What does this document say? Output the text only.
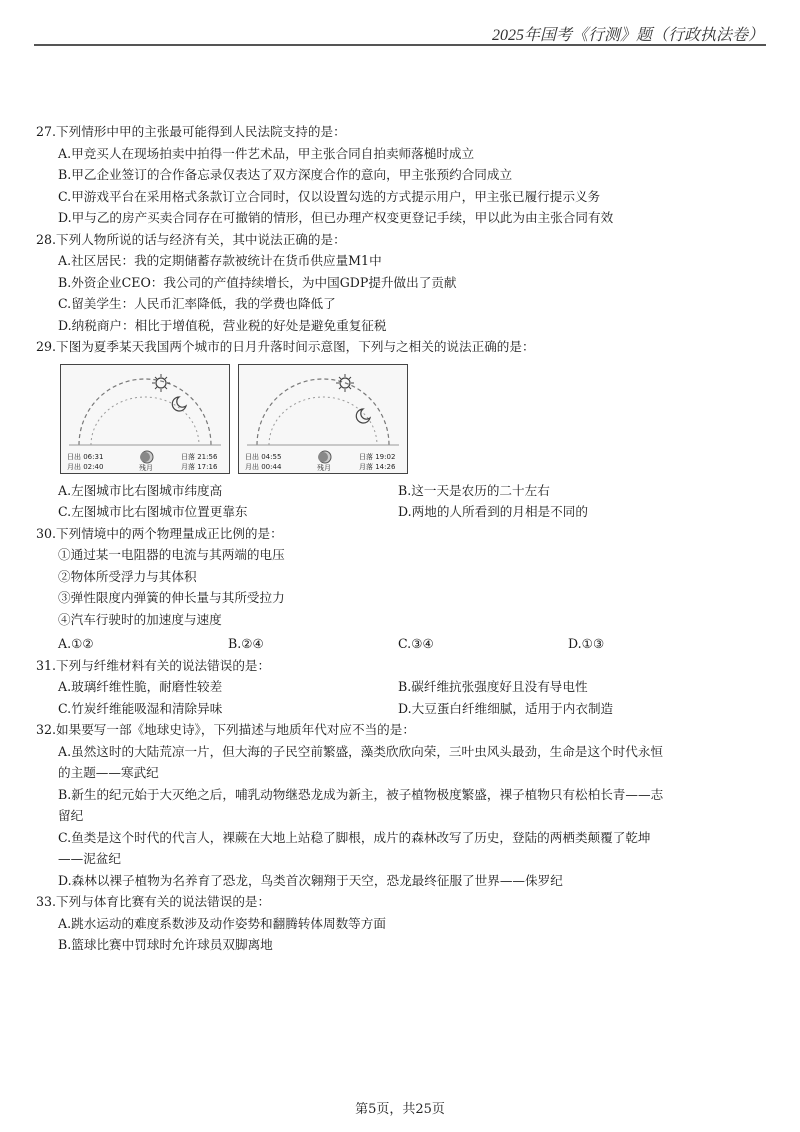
2025年国考《行测》题（行政执法卷）

27.下列情形中甲的主张最可能得到人民法院支持的是：

A.甲竞买人在现场拍卖中拍得一件艺术品，甲主张合同自拍卖师落槌时成立

B.甲乙企业签订的合作备忘录仅表达了双方深度合作的意向，甲主张预约合同成立

C.甲游戏平台在采用格式条款订立合同时，仅以设置勾选的方式提示用户，甲主张已履行提示义务

D.甲与乙的房产买卖合同存在可撤销的情形，但已办理产权变更登记手续，甲以此为由主张合同有效

28.下列人物所说的话与经济有关，其中说法正确的是：

A.社区居民：我的定期储蓄存款被统计在货币供应量M1中

B.外资企业CEO：我公司的产值持续增长，为中国GDP提升做出了贡献

C.留美学生：人民币汇率降低，我的学费也降低了

D.纳税商户：相比于增值税，营业税的好处是避免重复征税

29.下图为夏季某天我国两个城市的日月升落时间示意图，下列与之相关的说法正确的是：

日出 06:31
月出 02:40
日落 21:56
月落 17:16
残月
日出 04:55
月出 00:44
日落 19:02
月落 14:26
残月
A.左图城市比右图城市纬度高	B.这一天是农历的二十左右
C.左图城市比右图城市位置更靠东	D.两地的人所看到的月相是不同的

30.下列情境中的两个物理量成正比例的是：

①通过某一电阻器的电流与其两端的电压

②物体所受浮力与其体积

③弹性限度内弹簧的伸长量与其所受拉力

④汽车行驶时的加速度与速度

A.①②	B.②④	C.③④	D.①③

31.下列与纤维材料有关的说法错误的是：

A.玻璃纤维性脆，耐磨性较差	B.碳纤维抗张强度好且没有导电性
C.竹炭纤维能吸湿和清除异味	D.大豆蛋白纤维细腻，适用于内衣制造

32.如果要写一部《地球史诗》，下列描述与地质年代对应不当的是：

A.虽然这时的大陆荒凉一片，但大海的子民空前繁盛，藻类欣欣向荣，三叶虫风头最劲，生命是这个时代永恒

的主题——寒武纪

B.新生的纪元始于大灭绝之后，哺乳动物继恐龙成为新主，被子植物极度繁盛，裸子植物只有松柏长青——志

留纪

C.鱼类是这个时代的代言人，裸蕨在大地上站稳了脚根，成片的森林改写了历史，登陆的两栖类颠覆了乾坤

——泥盆纪

D.森林以裸子植物为名养育了恐龙，鸟类首次翱翔于天空，恐龙最终征服了世界——侏罗纪

33.下列与体育比赛有关的说法错误的是：

A.跳水运动的难度系数涉及动作姿势和翻腾转体周数等方面

B.篮球比赛中罚球时允许球员双脚离地

第5页，共25页
